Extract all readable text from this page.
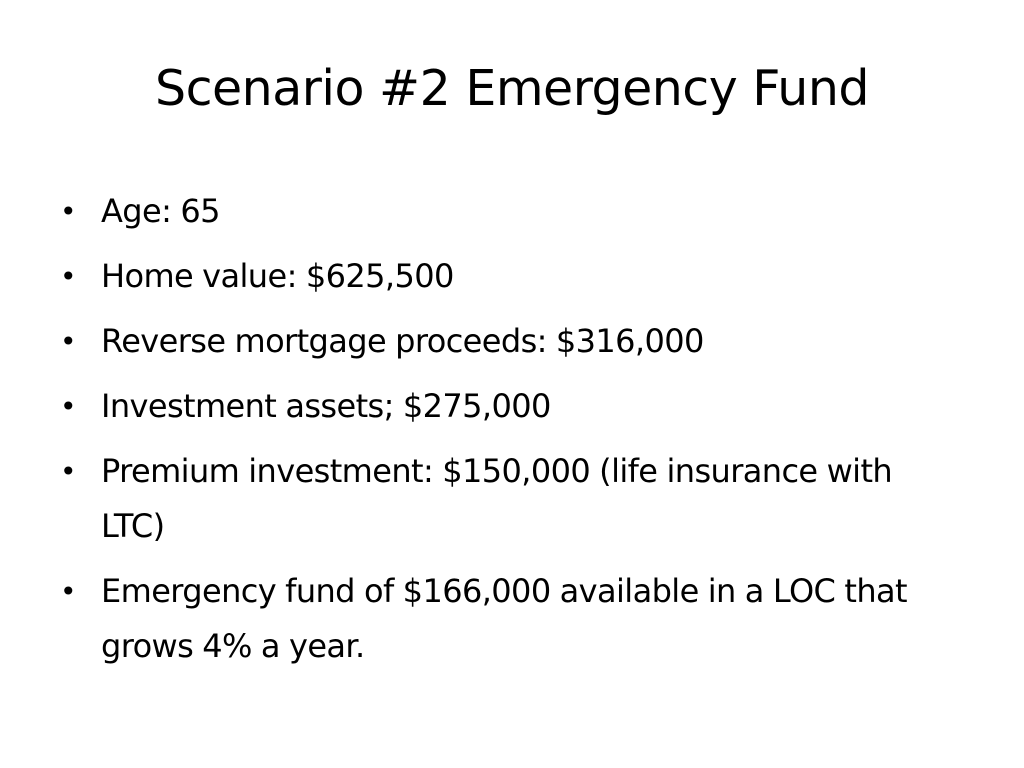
Scenario #2 Emergency Fund
• Age: 65
• Home value: $625,500
• Reverse mortgage proceeds: $316,000
• Investment assets; $275,000
• Premium investment: $150,000 (life insurance with LTC)
• Emergency fund of $166,000 available in a LOC that grows 4% a year.
